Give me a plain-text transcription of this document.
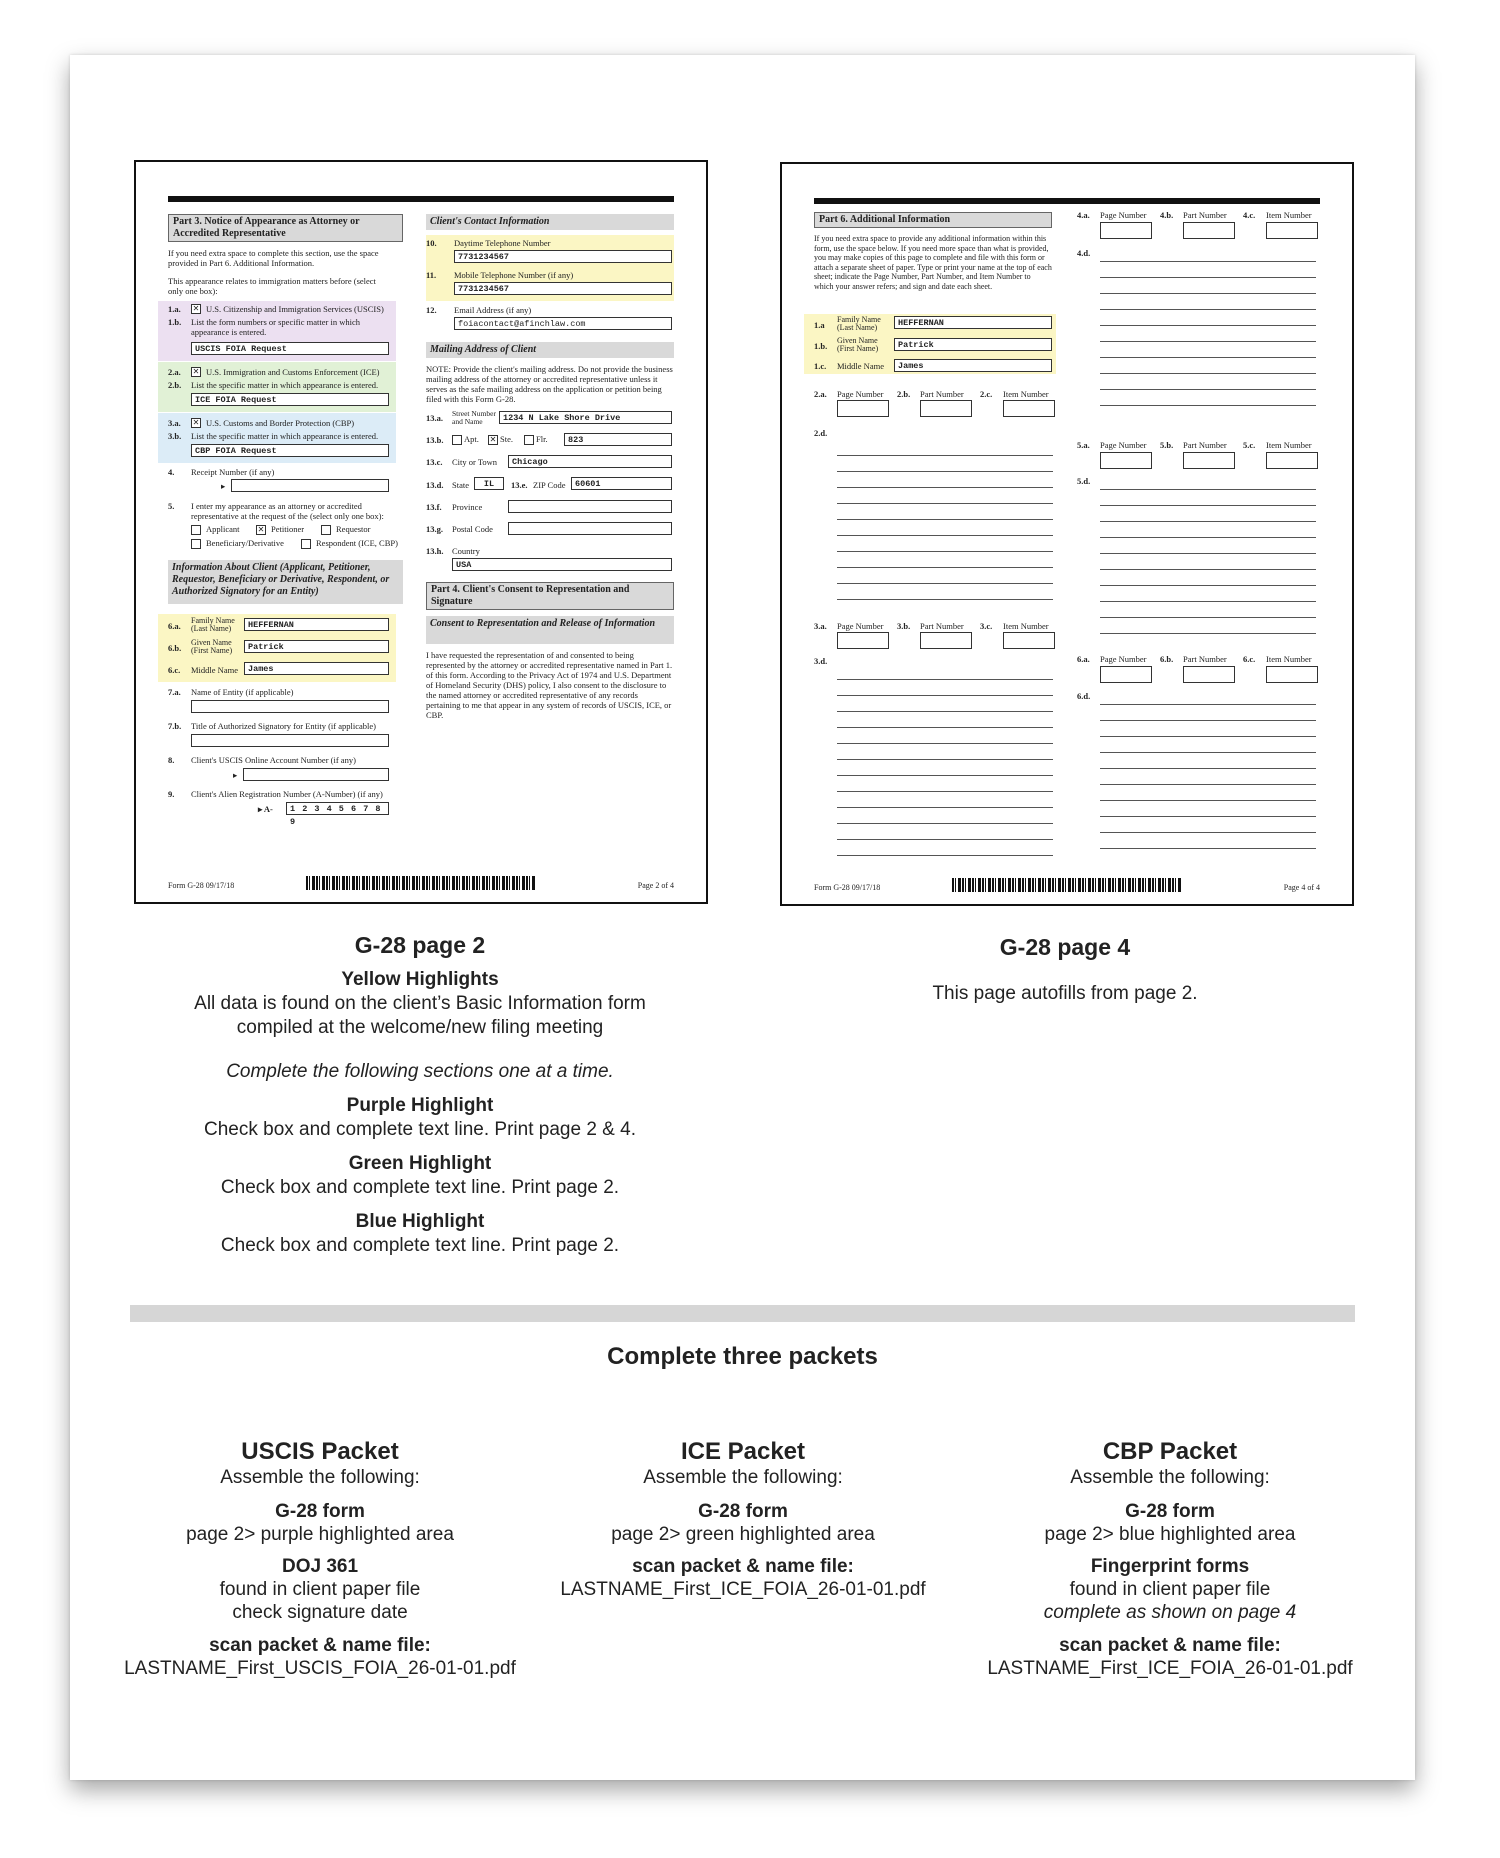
Part 3. Notice of Appearance as Attorney or Accredited Representative
If you need extra space to complete this section, use the space provided in Part 6. Additional Information.
This appearance relates to immigration matters before (select only one box):
1.a. ✕ U.S. Citizenship and Immigration Services (USCIS)
1.b. List the form numbers or specific matter in which appearance is entered.
USCIS FOIA Request
2.a. ✕ U.S. Immigration and Customs Enforcement (ICE)
2.b. List the specific matter in which appearance is entered.
ICE FOIA Request
3.a. ✕ U.S. Customs and Border Protection (CBP)
3.b. List the specific matter in which appearance is entered.
CBP FOIA Request
4. Receipt Number (if any)
▸
5. I enter my appearance as an attorney or accredited representative at the request of the (select only one box):
Applicant ✕ Petitioner	Requestor
Beneficiary/Derivative	Respondent (ICE, CBP)
Information About Client (Applicant, Petitioner, Requestor, Beneficiary or Derivative, Respondent, or Authorized Signatory for an Entity)
6.a.
Family Name (Last Name)	HEFFERNAN
6.b.
Given Name (First Name)	Patrick
6.c. Middle Name	James
7.a. Name of Entity (if applicable)
7.b. Title of Authorized Signatory for Entity (if applicable)
8. Client's USCIS Online Account Number (if any)
▸
9. Client's Alien Registration Number (A-Number) (if any)
▸ A-	1 2 3 4 5 6 7 8 9
Client's Contact Information
10. Daytime Telephone Number
7731234567
11. Mobile Telephone Number (if any)
7731234567
12. Email Address (if any)
foiacontact@afinchlaw.com
Mailing Address of Client
NOTE: Provide the client's mailing address. Do not provide the business mailing address of the attorney or accredited representative unless it serves as the safe mailing address on the application or petition being filed with this Form G-28.
13.a. Street Number and Name	1234 N Lake Shore Drive
13.b. Apt. ✕ Ste.	Flr.	823
13.c. City or Town	Chicago
13.d. State	IL	13.e. ZIP Code	60601
13.f. Province
13.g. Postal Code
13.h. Country
USA
Part 4. Client's Consent to Representation and Signature
Consent to Representation and Release of Information
I have requested the representation of and consented to being represented by the attorney or accredited representative named in Part 1. of this form. According to the Privacy Act of 1974 and U.S. Department of Homeland Security (DHS) policy, I also consent to the disclosure to the named attorney or accredited representative of any records pertaining to me that appear in any system of records of USCIS, ICE, or CBP.
Form G-28 09/17/18	Page 2 of 4
Part 6. Additional Information
If you need extra space to provide any additional information within this form, use the space below. If you need more space than what is provided, you may make copies of this page to complete and file with this form or attach a separate sheet of paper. Type or print your name at the top of each sheet; indicate the Page Number, Part Number, and Item Number to which your answer refers; and sign and date each sheet.
1.a
Family Name (Last Name)	HEFFERNAN
1.b.
Given Name (First Name)	Patrick
1.c. Middle Name	James
2.a. Page Number 2.b. Part Number 2.c. Item Number
2.d.
3.a. Page Number 3.b. Part Number 3.c. Item Number
3.d.
4.a. Page Number 4.b. Part Number 4.c. Item Number
4.d.
5.a. Page Number 5.b. Part Number 5.c. Item Number
5.d.
6.a. Page Number 6.b. Part Number 6.c. Item Number
6.d.
Form G-28 09/17/18	Page 4 of 4
G-28 page 2
Yellow Highlights
All data is found on the client’s Basic Information form
compiled at the welcome/new filing meeting
Complete the following sections one at a time.
Purple Highlight
Check box and complete text line. Print page 2 & 4.
Green Highlight
Check box and complete text line. Print page 2.
Blue Highlight
Check box and complete text line. Print page 2.
G-28 page 4
This page autofills from page 2.
Complete three packets
USCIS Packet
Assemble the following:
G-28 form
page 2> purple highlighted area
DOJ 361
found in client paper file
check signature date
scan packet & name file:
LASTNAME_First_USCIS_FOIA_26-01-01.pdf
ICE Packet
Assemble the following:
G-28 form
page 2> green highlighted area
scan packet & name file:
LASTNAME_First_ICE_FOIA_26-01-01.pdf
CBP Packet
Assemble the following:
G-28 form
page 2> blue highlighted area
Fingerprint forms
found in client paper file
complete as shown on page 4
scan packet & name file:
LASTNAME_First_ICE_FOIA_26-01-01.pdf
